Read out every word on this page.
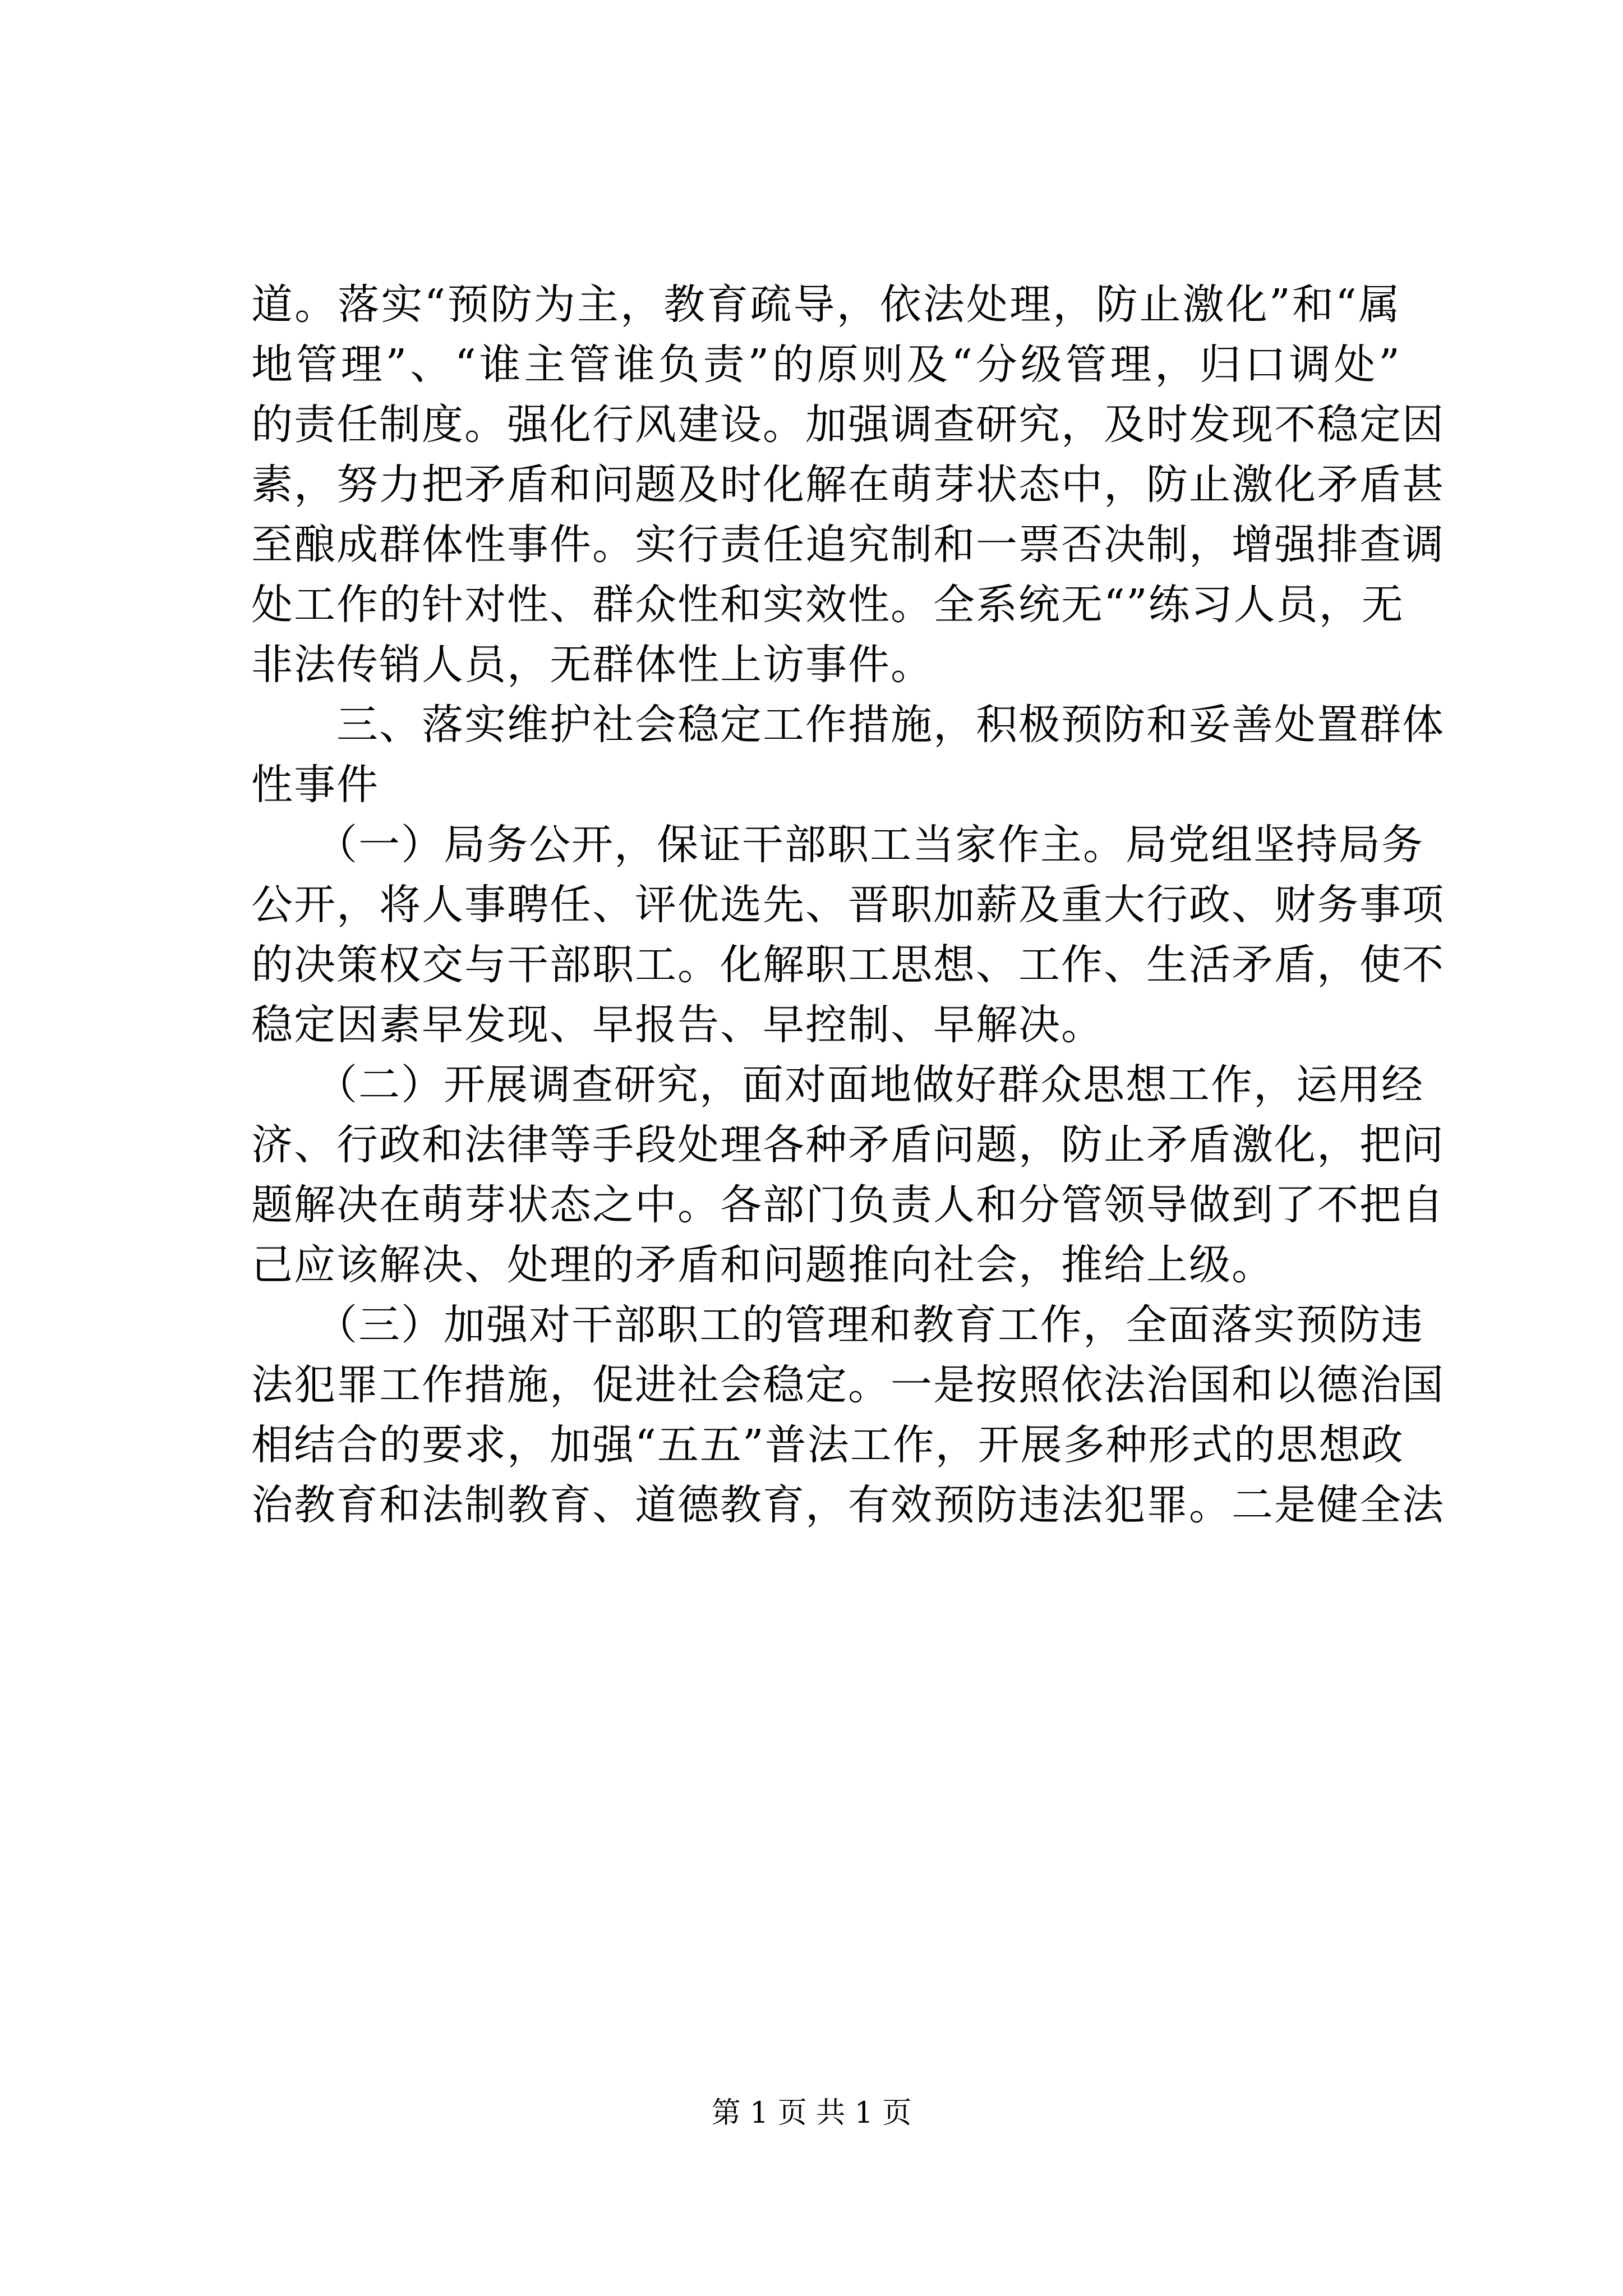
道。落实“预防为主，教育疏导，依法处理，防止激化”和“属
地管理”、“谁主管谁负责”的原则及“分级管理，归口调处”
的责任制度。强化行风建设。加强调查研究，及时发现不稳定因
素，努力把矛盾和问题及时化解在萌芽状态中，防止激化矛盾甚
至酿成群体性事件。实行责任追究制和一票否决制，增强排查调
处工作的针对性、群众性和实效性。全系统无“”练习人员，无
非法传销人员，无群体性上访事件。
　　三、落实维护社会稳定工作措施，积极预防和妥善处置群体
性事件
　　（一）局务公开，保证干部职工当家作主。局党组坚持局务
公开，将人事聘任、评优选先、晋职加薪及重大行政、财务事项
的决策权交与干部职工。化解职工思想、工作、生活矛盾，使不
稳定因素早发现、早报告、早控制、早解决。
　　（二）开展调查研究，面对面地做好群众思想工作，运用经
济、行政和法律等手段处理各种矛盾问题，防止矛盾激化，把问
题解决在萌芽状态之中。各部门负责人和分管领导做到了不把自
己应该解决、处理的矛盾和问题推向社会，推给上级。
　　（三）加强对干部职工的管理和教育工作，全面落实预防违
法犯罪工作措施，促进社会稳定。一是按照依法治国和以德治国
相结合的要求，加强“五五”普法工作，开展多种形式的思想政
治教育和法制教育、道德教育，有效预防违法犯罪。二是健全法
第 1 页 共 1 页
